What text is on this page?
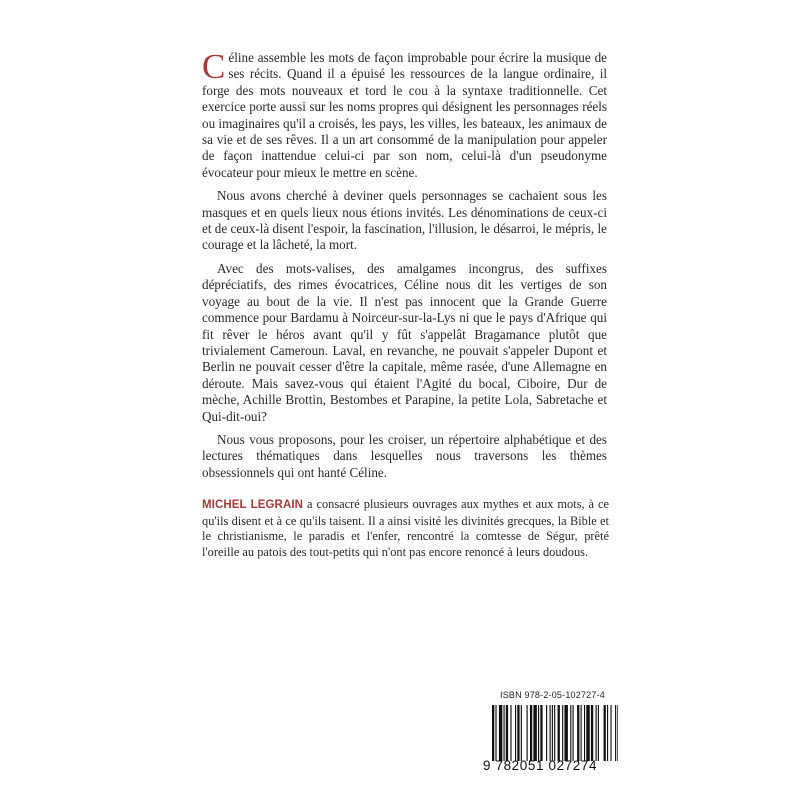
Céline assemble les mots de façon improbable pour écrire la musique de ses récits. Quand il a épuisé les ressources de la langue ordinaire, il forge des mots nouveaux et tord le cou à la syntaxe traditionnelle. Cet exercice porte aussi sur les noms propres qui désignent les personnages réels ou imaginaires qu'il a croisés, les pays, les villes, les bateaux, les animaux de sa vie et de ses rêves. Il a un art consommé de la manipulation pour appeler de façon inattendue celui-ci par son nom, celui-là d'un pseudonyme évocateur pour mieux le mettre en scène.

Nous avons cherché à deviner quels personnages se cachaient sous les masques et en quels lieux nous étions invités. Les dénominations de ceux-ci et de ceux-là disent l'espoir, la fascination, l'illusion, le désarroi, le mépris, le courage et la lâcheté, la mort.

Avec des mots-valises, des amalgames incongrus, des suffixes dépréciatifs, des rimes évocatrices, Céline nous dit les vertiges de son voyage au bout de la vie. Il n'est pas innocent que la Grande Guerre commence pour Bardamu à Noirceur-sur-la-Lys ni que le pays d'Afrique qui fit rêver le héros avant qu'il y fût s'appelât Bragamance plutôt que trivialement Cameroun. Laval, en revanche, ne pouvait s'appeler Dupont et Berlin ne pouvait cesser d'être la capitale, même rasée, d'une Allemagne en déroute. Mais savez-vous qui étaient l'Agité du bocal, Ciboire, Dur de mèche, Achille Brottin, Bestombes et Parapine, la petite Lola, Sabretache et Qui-dit-oui?

Nous vous proposons, pour les croiser, un répertoire alphabétique et des lectures thématiques dans lesquelles nous traversons les thèmes obsessionnels qui ont hanté Céline.

MICHEL LEGRAIN a consacré plusieurs ouvrages aux mythes et aux mots, à ce qu'ils disent et à ce qu'ils taisent. Il a ainsi visité les divinités grecques, la Bible et le christianisme, le paradis et l'enfer, rencontré la comtesse de Ségur, prêté l'oreille au patois des tout-petits qui n'ont pas encore renoncé à leurs doudous.

ISBN 978-2-05-102727-4
9 782051 027274
